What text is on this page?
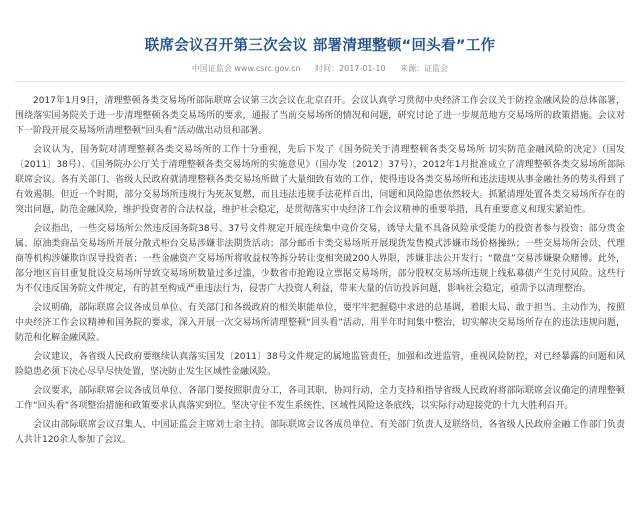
联席会议召开第三次会议 部署清理整顿“回头看”工作
中国证监会 www.csrc.gov.cn 时间：2017-01-10 来源：证监会

2017年1月9日，清理整顿各类交易场所部际联席会议第三次会议在北京召开。会议认真学习贯彻中央经济工作会议关于防控金融风险的总体部署，围绕落实国务院关于进一步清理整顿各类交易场所的要求，通报了当前交易场所的情况和问题，研究讨论了进一步规范地方交易场所的政策措施。会议对下一阶段开展交易场所清理整顿“回头看”活动做出动员和部署。

会议认为，国务院对清理整顿各类交易场所的工作十分重视，先后下发了《国务院关于清理整顿各类交易场所 切实防范金融风险的决定》（国发〔2011〕38号）、《国务院办公厅关于清理整顿各类交易场所的实施意见》（国办发〔2012〕37号），2012年1月批准成立了清理整顿各类交易场所部际联席会议。各有关部门、省级人民政府就清理整顿各类交易场所做了大量细致有效的工作，使得违设各类交易场所和违法违规从事金融社务的势头得到了有效遏制。但近一个时期，部分交易场所违规行为死灰复燃，而且违法违规手法花样百出，问题和风险隐患依然较大。抓紧清理处置各类交易场所存在的突出问题，防范金融风险，维护投资者的合法权益，维护社会稳定，是贯彻落实中央经济工作会议精神的重要举措，具有重要意义和现实紧迫性。

会议指出，一些交易场所公然违反国务院38号、37号文件规定开展连续集中竞价交易，诱导大量不具备风险承受能力的投资者参与投资；部分贵金属、原油类商品交易场所开展分散式柜台交易涉嫌非法期货活动；部分邮币卡类交易场所开展现货发售模式涉嫌市场价格操纵；一些交易场所会员、代理商等机构涉嫌欺诈误导投资者；一些金融资产交易场所将收益权等拆分转让变相突破200人界限，涉嫌非法公开发行；“微盘”交易涉嫌聚众赌博。此外，部分地区盲目重复批设交易场所导致交易场所数量过多过滥，少数省市抢跑设立票据交易场所，部分股权交易场所违规上线私募债产生兑付风险。这些行为不仅违反国务院文件规定，有的甚至构成严重违法行为，侵害广大投资人利益，带来大量的信访投诉问题，影响社会稳定，亟需予以清理整治。

会议明确，部际联席会议各成员单位、有关部门和各级政府的相关职能单位，要牢牢把握稳中求进的总基调，着眼大局、敢于担当、主动作为，按照中央经济工作会议精神和国务院的要求，深入开展一次交易场所清理整顿“回头看”活动，用半年时间集中整治，切实解决交易场所存在的违法违规问题，防范和化解金融风险。

会议建议，各省级人民政府要继续认真落实国发〔2011〕38号文件规定的属地监管责任，加强和改进监管，重视风险防控，对已经暴露的问题和风险隐患必须下决心尽早尽快处置，坚决防止发生区域性金融风险。

会议要求，部际联席会议各成员单位、各部门要按照职责分工，各司其职，协同行动，全力支持和指导省级人民政府将部际联席会议确定的清理整顿工作“回头看”各项整治措施和政策要求认真落实到位。坚决守住不发生系统性、区域性风险这条底线，以实际行动迎接党的十九大胜利召开。

会议由部际联席会议召集人、中国证监会主席刘士余主持。部际联席会议各成员单位、有关部门负责人及联络员，各省级人民政府金融工作部门负责人共计120余人参加了会议。
